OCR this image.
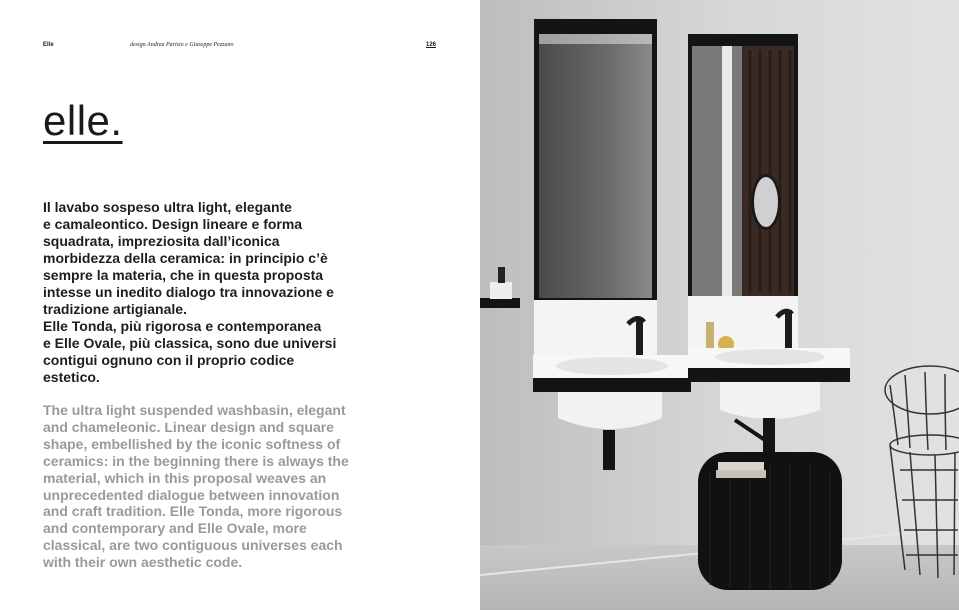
Elle	design Andrea Parisio e Giuseppe Pezzano	126
elle.

Il lavabo sospeso ultra light, elegante
e camaleontico. Design lineare e forma
squadrata, impreziosita dall’iconica
morbidezza della ceramica: in principio c’è
sempre la materia, che in questa proposta
intesse un inedito dialogo tra innovazione e
tradizione artigianale.
Elle Tonda, più rigorosa e contemporanea
e Elle Ovale, più classica, sono due universi
contigui ognuno con il proprio codice
estetico.

The ultra light suspended washbasin, elegant
and chameleonic. Linear design and square
shape, embellished by the iconic softness of
ceramics: in the beginning there is always the
material, which in this proposal weaves an
unprecedented dialogue between innovation
and craft tradition. Elle Tonda, more rigorous
and contemporary and Elle Ovale, more
classical, are two contiguous universes each
with their own aesthetic code.
